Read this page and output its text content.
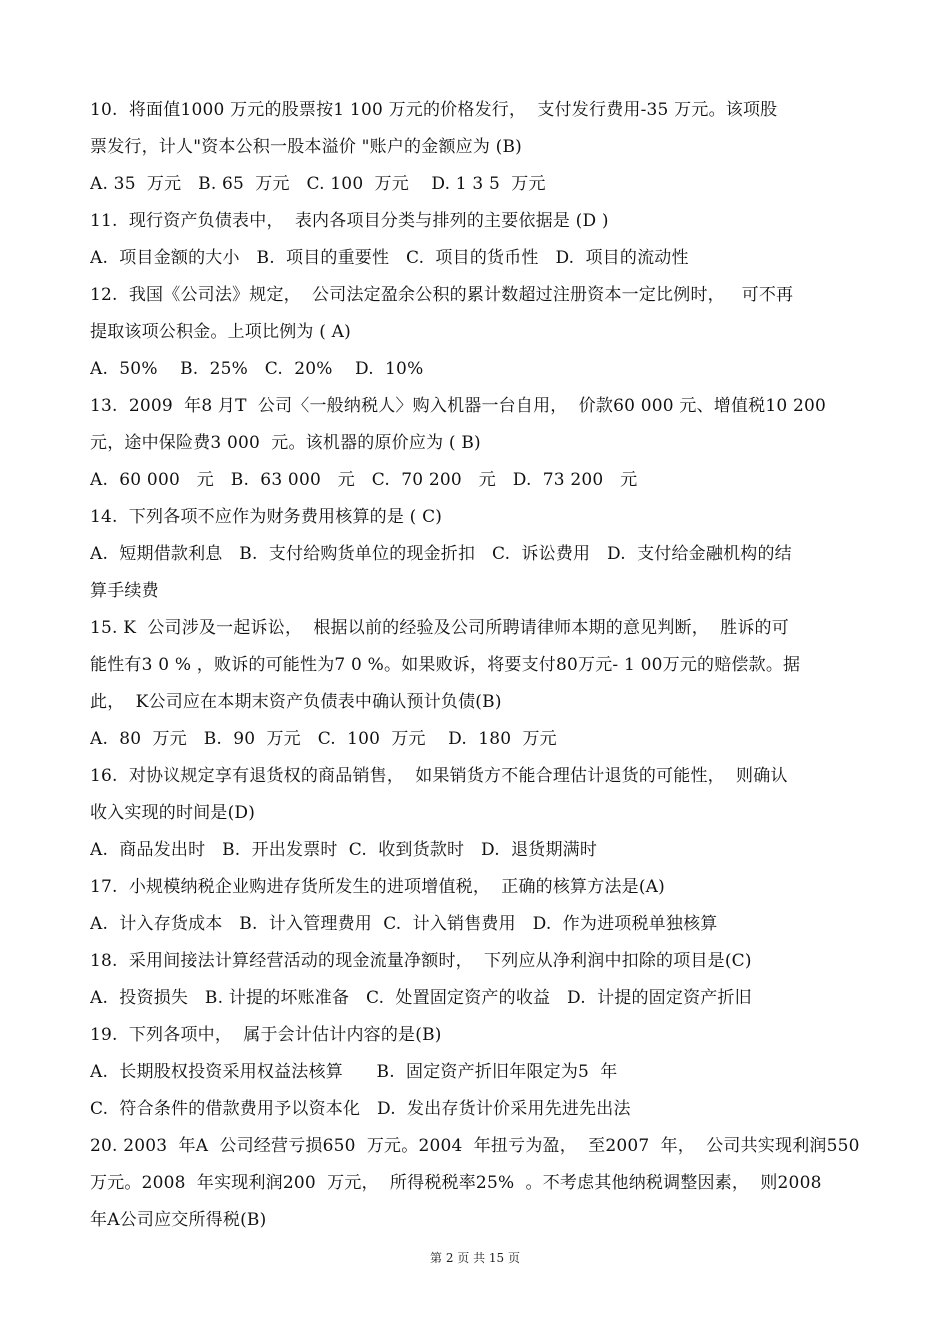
10.  将面值1000 万元的股票按1 100 万元的价格发行，  支付发行费用-35 万元。该项股
票发行，计人"资本公积一股本溢价 "账户的金额应为 (B)
A. 35  万元   B. 65  万元   C. 100  万元    D. 1 3 5  万元
11.  现行资产负债表中，  表内各项目分类与排列的主要依据是 (D )
A.  项目金额的大小   B.  项目的重要性   C.  项目的货币性   D.  项目的流动性
12.  我国《公司法》规定，  公司法定盈余公积的累计数超过注册资本一定比例时，   可不再
提取该项公积金。上项比例为 ( A)
A.  50%    B.  25%   C.  20%    D.  10%
13.  2009  年8 月T  公司〈一般纳税人〉购入机器一台自用，  价款60 000 元、增值税10 200
元，途中保险费3 000  元。该机器的原价应为 ( B)
A.  60 000   元   B.  63 000   元   C.  70 200   元   D.  73 200   元
14.  下列各项不应作为财务费用核算的是 ( C)
A.  短期借款利息   B.  支付给购货单位的现金折扣   C.  诉讼费用   D.  支付给金融机构的结
算手续费
15. K  公司涉及一起诉讼，  根据以前的经验及公司所聘请律师本期的意见判断，  胜诉的可
能性有3 0 % ，败诉的可能性为7 0 %。如果败诉，将要支付80万元- 1 00万元的赔偿款。据
此，  K公司应在本期末资产负债表中确认预计负债(B)
A.  80  万元   B.  90  万元   C.  100  万元    D.  180  万元
16.  对协议规定享有退货权的商品销售，  如果销货方不能合理估计退货的可能性，  则确认
收入实现的时间是(D)
A.  商品发出时   B.  开出发票时  C.  收到货款时   D.  退货期满时
17.  小规模纳税企业购进存货所发生的进项增值税，  正确的核算方法是(A)
A.  计入存货成本   B.  计入管理费用  C.  计入销售费用   D.  作为进项税单独核算
18.  采用间接法计算经营活动的现金流量净额时，  下列应从净利润中扣除的项目是(C)
A.  投资损失   B. 计提的坏账准备   C.  处置固定资产的收益   D.  计提的固定资产折旧
19.  下列各项中，  属于会计估计内容的是(B)
A.  长期股权投资采用权益法核算      B.  固定资产折旧年限定为5  年
C.  符合条件的借款费用予以资本化   D.  发出存货计价采用先进先出法
20. 2003  年A  公司经营亏损650  万元。2004  年扭亏为盈，  至2007  年，  公司共实现利润550
万元。2008  年实现利润200  万元，  所得税税率25%  。不考虑其他纳税调整因素，  则2008
年A公司应交所得税(B)
第 2 页 共 15 页
